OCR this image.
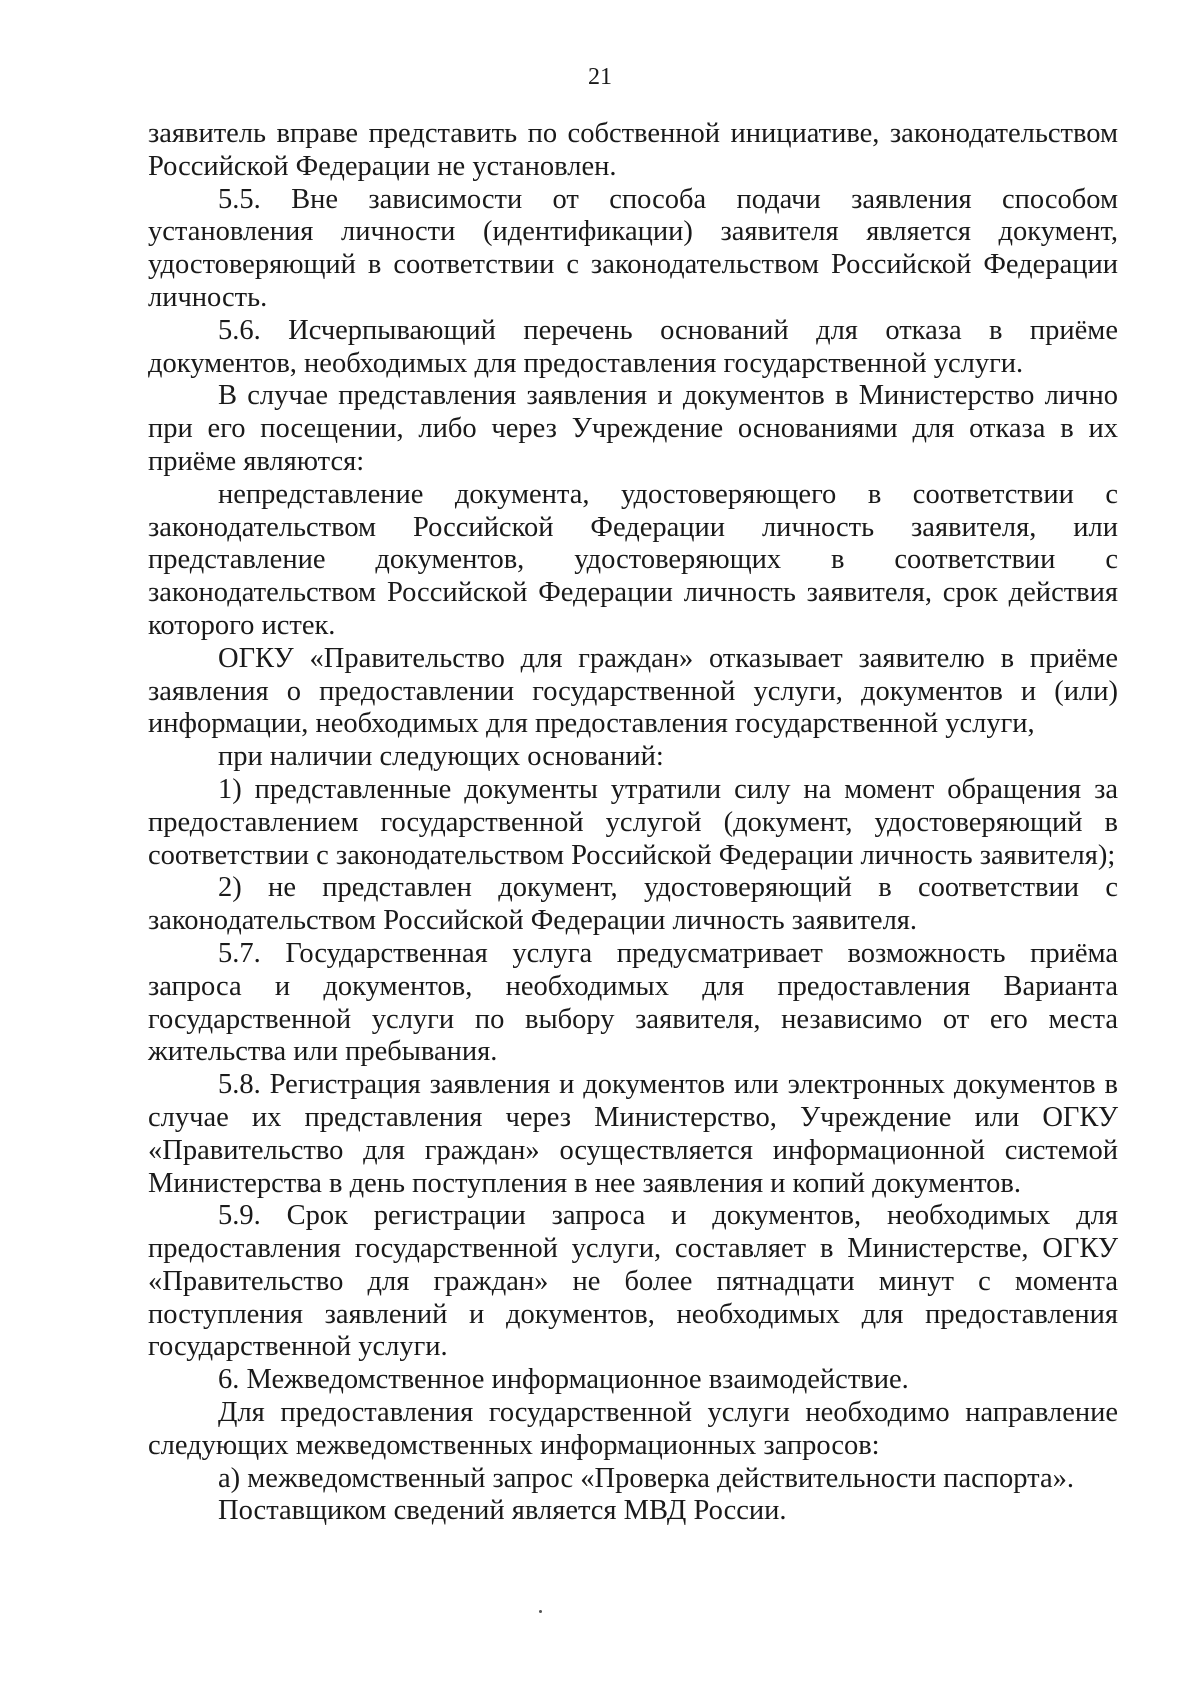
21

заявитель вправе представить по собственной инициативе, законодательством Российской Федерации не установлен.

5.5. Вне зависимости от способа подачи заявления способом установления личности (идентификации) заявителя является документ, удостоверяющий в соответствии с законодательством Российской Федерации личность.

5.6. Исчерпывающий перечень оснований для отказа в приёме документов, необходимых для предоставления государственной услуги.

В случае представления заявления и документов в Министерство лично при его посещении, либо через Учреждение основаниями для отказа в их приёме являются:

непредставление документа, удостоверяющего в соответствии с законодательством Российской Федерации личность заявителя, или представление документов, удостоверяющих в соответствии с законодательством Российской Федерации личность заявителя, срок действия которого истек.

ОГКУ «Правительство для граждан» отказывает заявителю в приёме заявления о предоставлении государственной услуги, документов и (или) информации, необходимых для предоставления государственной услуги,

при наличии следующих оснований:

1) представленные документы утратили силу на момент обращения за предоставлением государственной услугой (документ, удостоверяющий в соответствии с законодательством Российской Федерации личность заявителя);

2) не представлен документ, удостоверяющий в соответствии с законодательством Российской Федерации личность заявителя.

5.7. Государственная услуга предусматривает возможность приёма запроса и документов, необходимых для предоставления Варианта государственной услуги по выбору заявителя, независимо от его места жительства или пребывания.

5.8. Регистрация заявления и документов или электронных документов в случае их представления через Министерство, Учреждение или ОГКУ «Правительство для граждан» осуществляется информационной системой Министерства в день поступления в нее заявления и копий документов.

5.9. Срок регистрации запроса и документов, необходимых для предоставления государственной услуги, составляет в Министерстве, ОГКУ «Правительство для граждан» не более пятнадцати минут с момента поступления заявлений и документов, необходимых для предоставления государственной услуги.

6. Межведомственное информационное взаимодействие.

Для предоставления государственной услуги необходимо направление следующих межведомственных информационных запросов:

а) межведомственный запрос «Проверка действительности паспорта».

Поставщиком сведений является МВД России.
